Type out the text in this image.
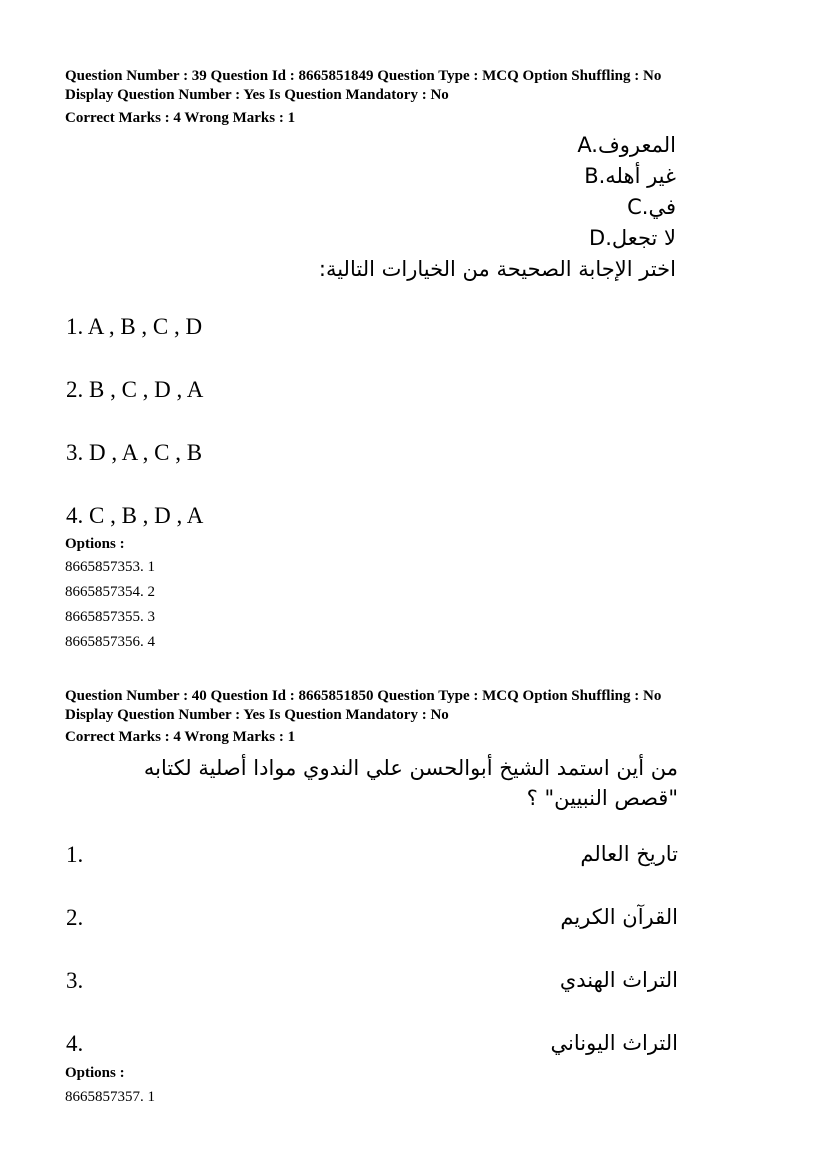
Question Number : 39 Question Id : 8665851849 Question Type : MCQ Option Shuffling : No
Display Question Number : Yes Is Question Mandatory : No
Correct Marks : 4 Wrong Marks : 1
A.المعروف
B.غير أهله
C.في
D.لا تجعل
اختر الإجابة الصحيحة من الخيارات التالية:
1. A , B , C , D
2. B , C , D , A
3. D , A , C , B
4. C , B , D , A
Options :
8665857353. 1
8665857354. 2
8665857355. 3
8665857356. 4
Question Number : 40 Question Id : 8665851850 Question Type : MCQ Option Shuffling : No
Display Question Number : Yes Is Question Mandatory : No
Correct Marks : 4 Wrong Marks : 1
من أين استمد الشيخ أبوالحسن علي الندوي موادا أصلية لكتابه "قصص النبيين" ؟
1.	تاريخ العالم
2.	القرآن الكريم
3.	التراث الهندي
4.	التراث اليوناني
Options :
8665857357. 1
